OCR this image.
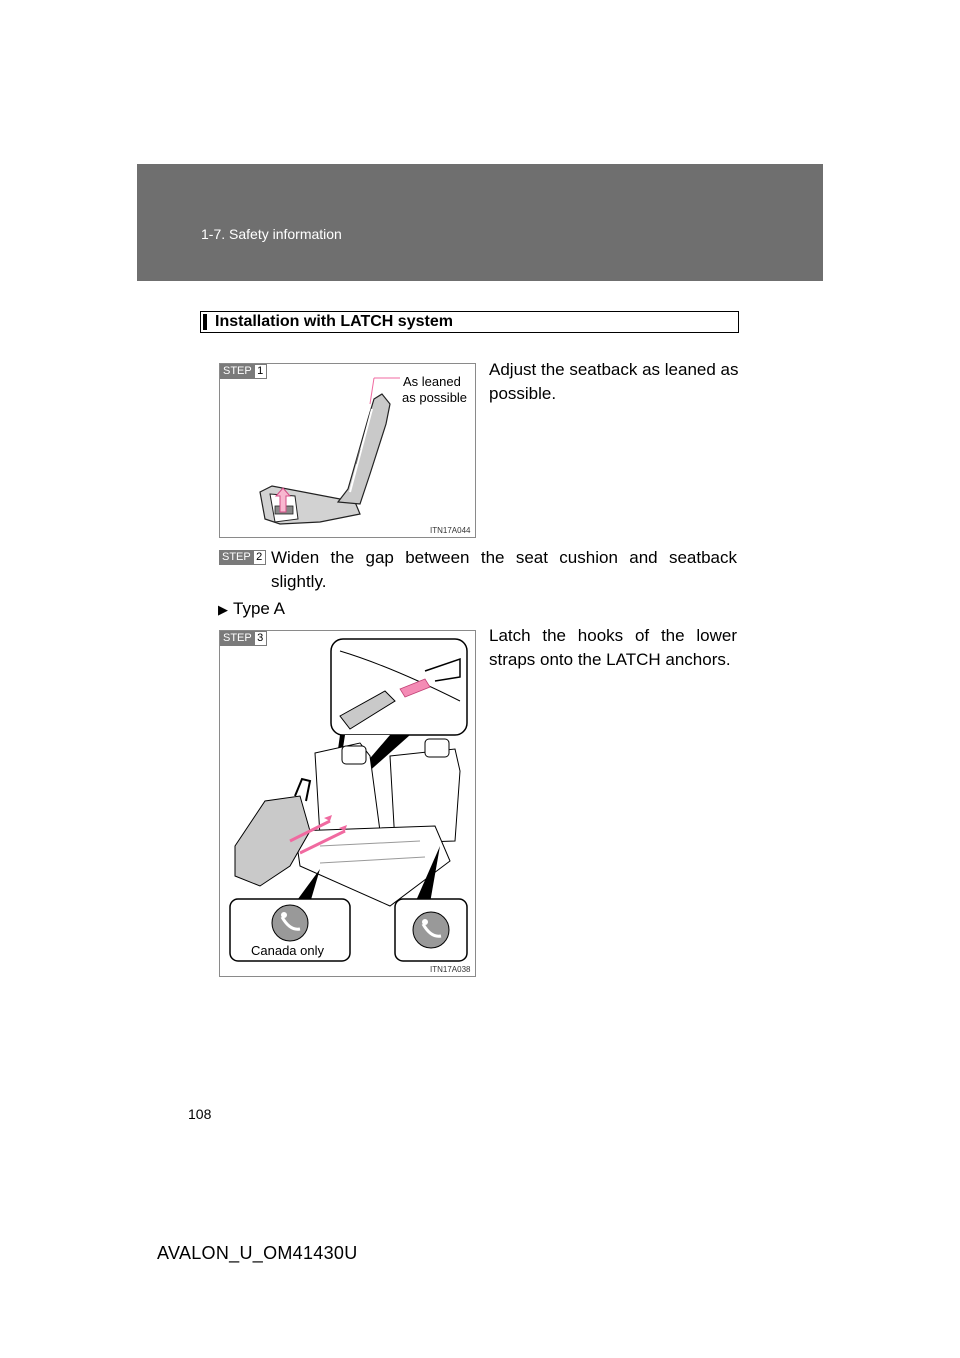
1-7. Safety information
Installation with LATCH system
STEP 1
As leaned
as possible
ITN17A044
Adjust the seatback as leaned as possible.
STEP 2 Widen the gap between the seat cushion and seatback
slightly.
▶ Type A
STEP 3
Canada only
ITN17A038
Latch the hooks of the lower
straps onto the LATCH anchors.
108
AVALON_U_OM41430U
